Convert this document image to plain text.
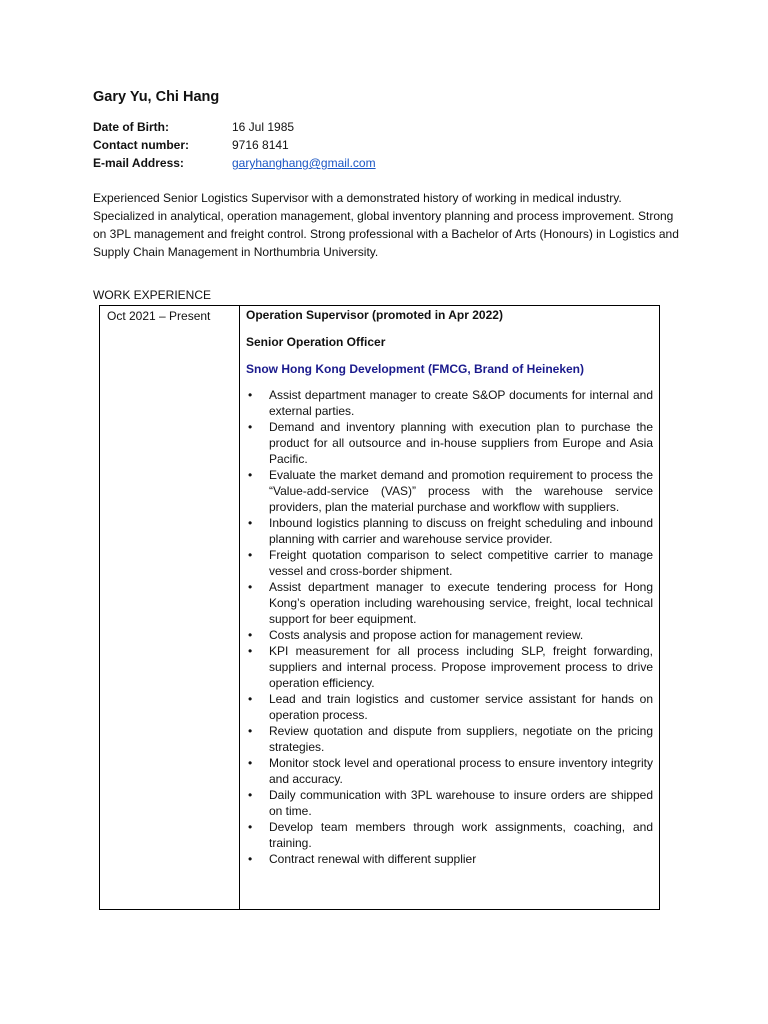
Gary Yu, Chi Hang
Date of Birth:	16 Jul 1985
Contact number:	9716 8141
E-mail Address:	garyhanghang@gmail.com

Experienced Senior Logistics Supervisor with a demonstrated history of working in medical industry. Specialized in analytical, operation management, global inventory planning and process improvement. Strong on 3PL management and freight control. Strong professional with a Bachelor of Arts (Honours) in Logistics and Supply Chain Management in Northumbria University.

WORK EXPERIENCE

Oct 2021 – Present	Operation Supervisor (promoted in Apr 2022)

Senior Operation Officer

Snow Hong Kong Development (FMCG, Brand of Heineken)

• Assist department manager to create S&OP documents for internal and external parties.
• Demand and inventory planning with execution plan to purchase the product for all outsource and in-house suppliers from Europe and Asia Pacific.
• Evaluate the market demand and promotion requirement to process the “Value-add-service (VAS)” process with the warehouse service providers, plan the material purchase and workflow with suppliers.
• Inbound logistics planning to discuss on freight scheduling and inbound planning with carrier and warehouse service provider.
• Freight quotation comparison to select competitive carrier to manage vessel and cross-border shipment.
• Assist department manager to execute tendering process for Hong Kong’s operation including warehousing service, freight, local technical support for beer equipment.
• Costs analysis and propose action for management review.
• KPI measurement for all process including SLP, freight forwarding, suppliers and internal process. Propose improvement process to drive operation efficiency.
• Lead and train logistics and customer service assistant for hands on operation process.
• Review quotation and dispute from suppliers, negotiate on the pricing strategies.
• Monitor stock level and operational process to ensure inventory integrity and accuracy.
• Daily communication with 3PL warehouse to insure orders are shipped on time.
• Develop team members through work assignments, coaching, and training.
• Contract renewal with different supplier
